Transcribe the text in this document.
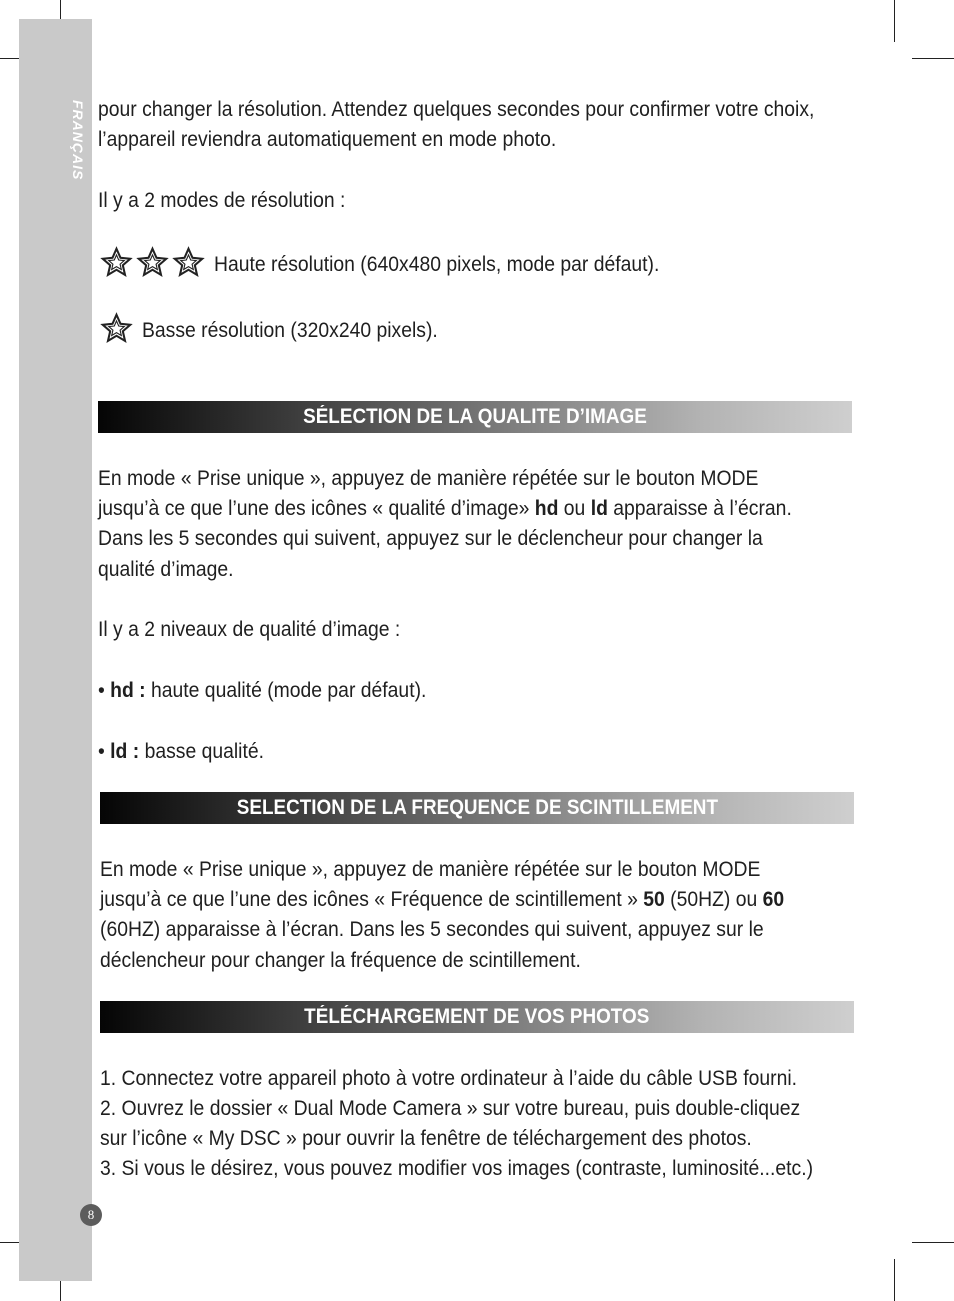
FRANÇAIS
8
pour changer la résolution. Attendez quelques secondes pour confirmer votre choix,
l’appareil reviendra automatiquement en mode photo.
Il y a 2 modes de résolution :
Haute résolution (640x480 pixels, mode par défaut).
Basse résolution (320x240 pixels).
SÉLECTION DE LA QUALITE D’IMAGE
En mode « Prise unique », appuyez de manière répétée sur le bouton MODE
jusqu’à ce que l’une des icônes « qualité d’image» hd ou ld apparaisse à l’écran.
Dans les 5 secondes qui suivent, appuyez sur le déclencheur pour changer la
qualité d’image.
Il y a 2 niveaux de qualité d’image :
• hd : haute qualité (mode par défaut).
• ld : basse qualité.
SELECTION DE LA FREQUENCE DE SCINTILLEMENT
En mode « Prise unique », appuyez de manière répétée sur le bouton MODE
jusqu’à ce que l’une des icônes « Fréquence de scintillement » 50 (50HZ) ou 60
(60HZ) apparaisse à l’écran. Dans les 5 secondes qui suivent, appuyez sur le
déclencheur pour changer la fréquence de scintillement.
TÉLÉCHARGEMENT DE VOS PHOTOS
1. Connectez votre appareil photo à votre ordinateur à l’aide du câble USB fourni.
2. Ouvrez le dossier « Dual Mode Camera » sur votre bureau, puis double-cliquez
sur l’icône « My DSC » pour ouvrir la fenêtre de téléchargement des photos.
3. Si vous le désirez, vous pouvez modifier vos images (contraste, luminosité...etc.)
